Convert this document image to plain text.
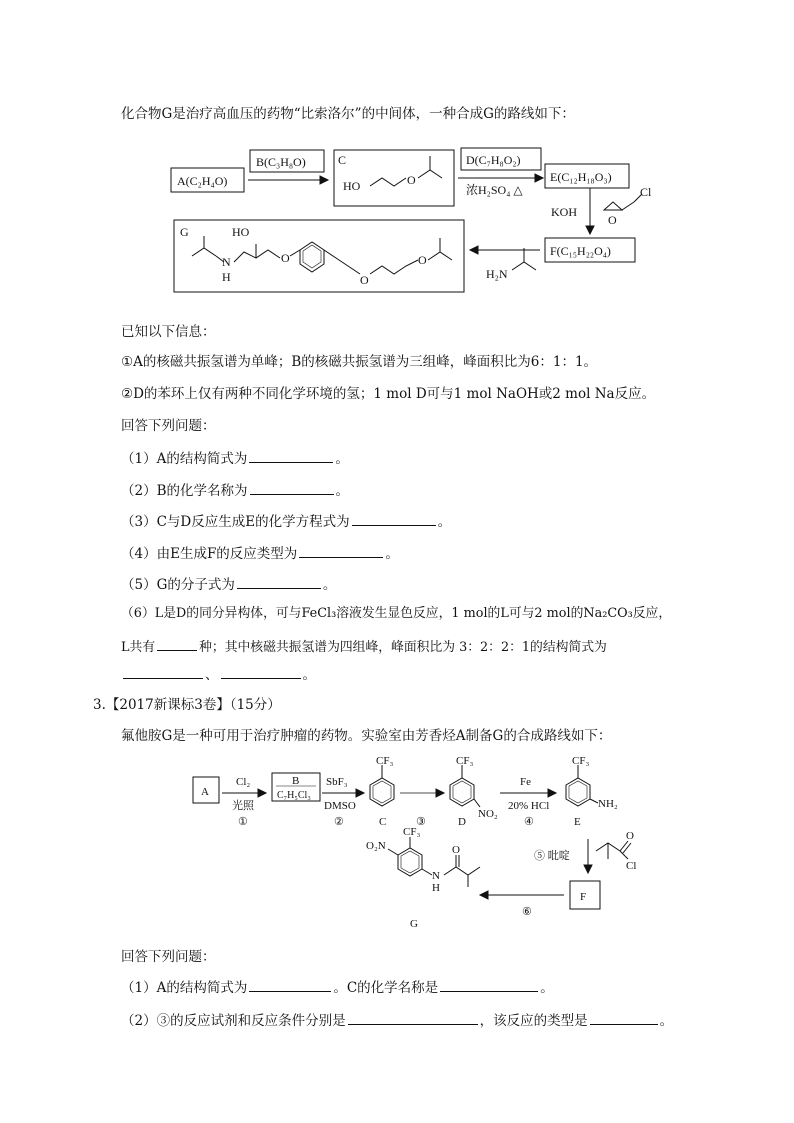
化合物G是治疗高血压的药物“比索洛尔”的中间体，一种合成G的路线如下：
A(C₂H₄O)
B(C₃H₈O)	C
HO	O
D(C₇H₈O₂)
浓H₂SO₄ △
E(C₁₂H₁₈O₃)
KOH
O
Cl
F(C₁₅H₂₂O₄)
H₂N
G	HO
N
H
O
O
O
已知以下信息：
①A的核磁共振氢谱为单峰；B的核磁共振氢谱为三组峰，峰面积比为6：1：1。
②D的苯环上仅有两种不同化学环境的氢；1 mol D可与1 mol NaOH或2 mol Na反应。
回答下列问题：
（1）A的结构简式为	。
（2）B的化学名称为	。
（3）C与D反应生成E的化学方程式为	。
（4）由E生成F的反应类型为	。
（5）G的分子式为	。
（6）L是D的同分异构体，可与FeCl₃溶液发生显色反应，1 mol的L可与2 mol的Na₂CO₃反应，
L共有	种；其中核磁共振氢谱为四组峰，峰面积比为 3：2：2：1的结构简式为
、	。
3.【2017新课标3卷】（15分）
氟他胺G是一种可用于治疗肿瘤的药物。实验室由芳香烃A制备G的合成路线如下：
A
Cl₂
光照
①
B
C₇H₅Cl₃
SbF₃
DMSO
②
CF₃
C	③
CF₃
NO₂
D
Fe
20% HCl
④
CF₃
NH₂
E
⑤ 吡啶
O
Cl
F
⑥
CF₃
O₂N
N
H
O
G
回答下列问题：
（1）A的结构简式为	。C的化学名称是	。
（2）③的反应试剂和反应条件分别是	，该反应的类型是	。
